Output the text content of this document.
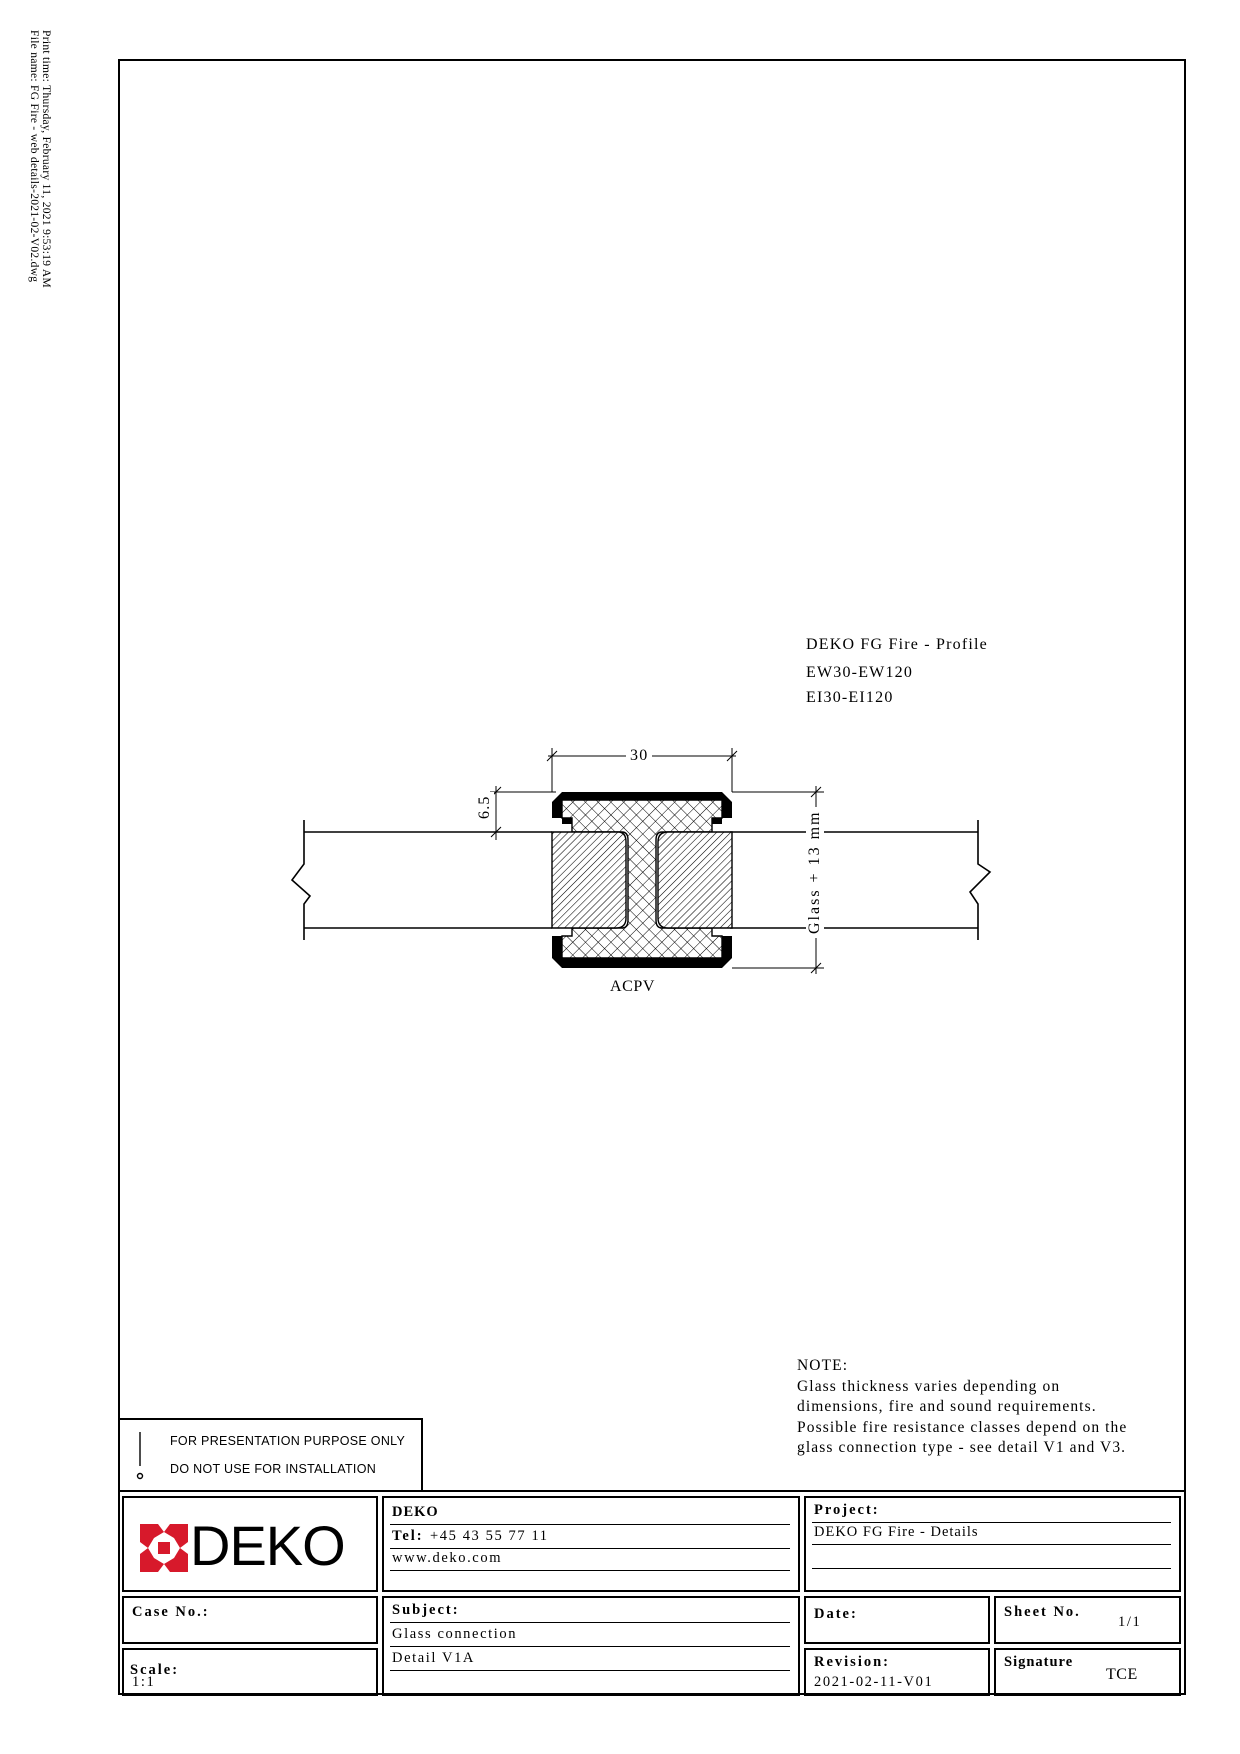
Print time: Thursday, February 11, 2021 9:53:19 AM
File name: FG Fire - web details-2021-02-V02.dwg
DEKO FG Fire - Profile
EW30-EW120
EI30-EI120
30
6.5
Glass + 13 mm
ACPV
NOTE:
Glass thickness varies depending on
dimensions, fire and sound requirements.
Possible fire resistance classes depend on the
glass connection type - see detail V1 and V3.
FOR PRESENTATION PURPOSE ONLY
DO NOT USE FOR INSTALLATION
DEKO
DEKO
Tel: +45 43 55 77 11
www.deko.com
Project:
DEKO FG Fire - Details
Case No.:
Scale:
1:1
Subject:
Glass connection
Detail V1A
Date:	Sheet No.
1/1
Revision:
2021-02-11-V01
Signature
TCE
